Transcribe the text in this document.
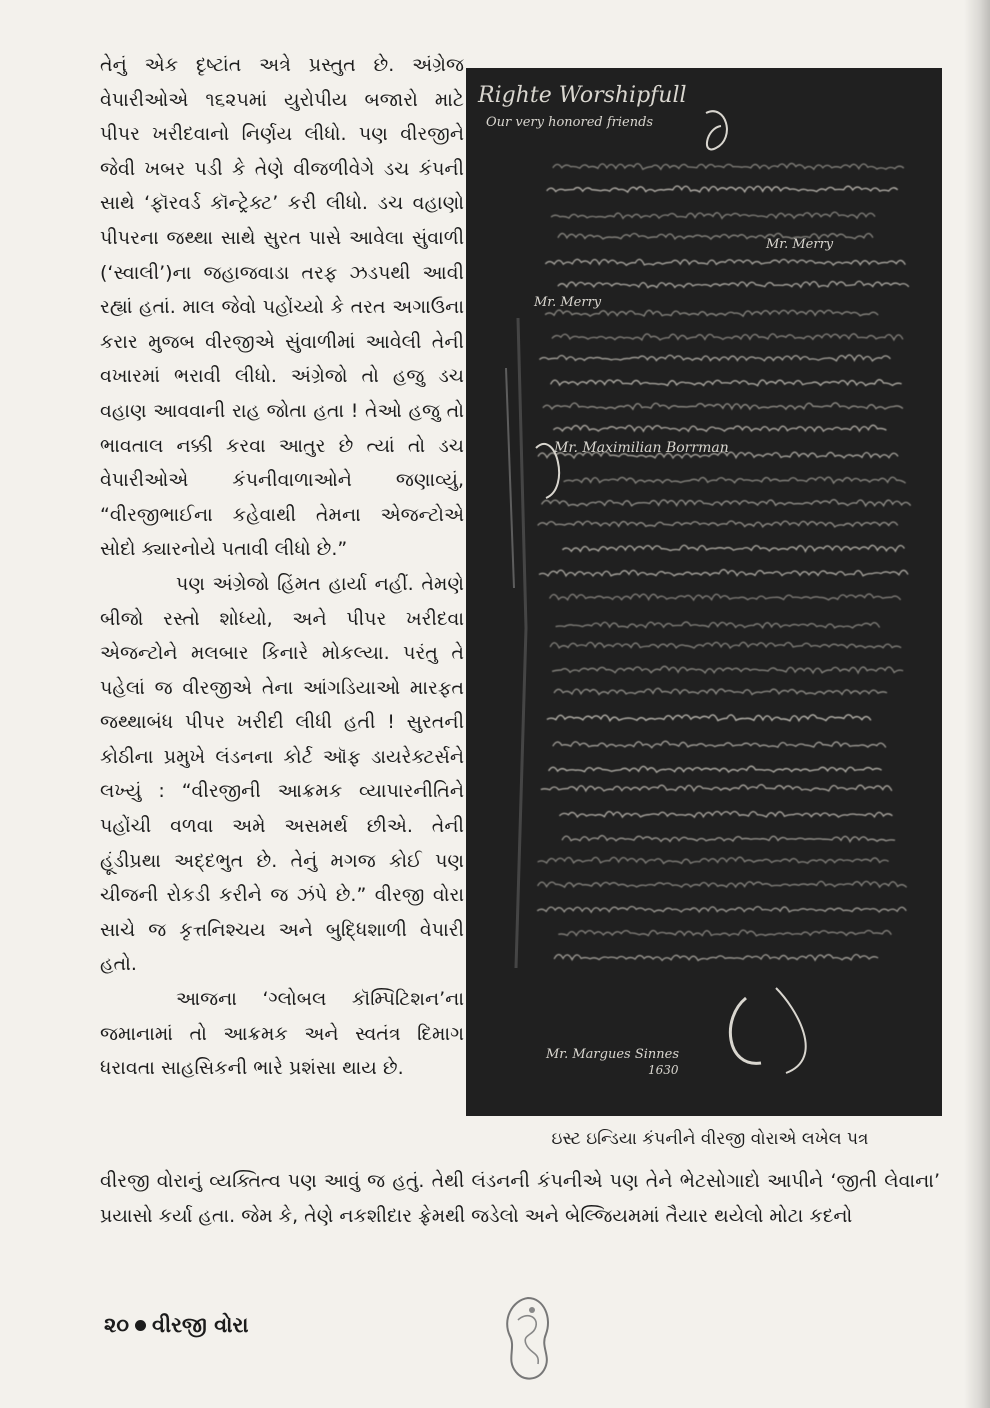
તેનું એક દૃષ્ટાંત અત્રે પ્રસ્તુત છે. અંગ્રેજ વેપારીઓએ ૧૬૨૫માં યુરોપીય બજારો માટે પીપર ખરીદવાનો નિર્ણય લીધો. પણ વીરજીને જેવી ખબર પડી કે તેણે વીજળીવેગે ડચ કંપની સાથે ‘ફૉરવર્ડ કૉન્ટ્રેક્ટ’ કરી લીધો. ડચ વહાણો પીપરના જથ્થા સાથે સુરત પાસે આવેલા સુંવાળી (‘સ્વાલી’)ના જહાજવાડા તરફ ઝડપથી આવી રહ્યાં હતાં. માલ જેવો પહોંચ્યો કે તરત અગાઉના કરાર મુજબ વીરજીએ સુંવાળીમાં આવેલી તેની વખારમાં ભરાવી લીધો. અંગ્રેજો તો હજુ ડચ વહાણ આવવાની રાહ જોતા હતા ! તેઓ હજુ તો ભાવતાલ નક્કી કરવા આતુર છે ત્યાં તો ડચ વેપારીઓએ કંપનીવાળાઓને જણાવ્યું, “વીરજીભાઈના કહેવાથી તેમના એજન્ટોએ સોદો ક્યારનોયે પતાવી લીધો છે.”

પણ અંગ્રેજો હિંમત હાર્યા નહીં. તેમણે બીજો રસ્તો શોધ્યો, અને પીપર ખરીદવા એજન્ટોને મલબાર કિનારે મોકલ્યા. પરંતુ તે પહેલાં જ વીરજીએ તેના આંગડિયાઓ મારફત જથ્થાબંધ પીપર ખરીદી લીધી હતી ! સુરતની કોઠીના પ્રમુખે લંડનના કોર્ટ ઑફ ડાયરેક્ટર્સને લખ્યું : “વીરજીની આક્રમક વ્યાપારનીતિને પહોંચી વળવા અમે અસમર્થ છીએ. તેની હૂંડીપ્રથા અદ્દભુત છે. તેનું મગજ કોઈ પણ ચીજની રોકડી કરીને જ ઝંપે છે.” વીરજી વોરા સાચે જ કૃત્તનિશ્ચય અને બુદ્ધિશાળી વેપારી હતો.

આજના ‘ગ્લોબલ કૉમ્પિટિશન’ના જમાનામાં તો આક્રમક અને સ્વતંત્ર દિમાગ ધરાવતા સાહસિકની ભારે પ્રશંસા થાય છે.

Righte Worshipfull
Our very honored friends
Mr. Merry
Mr. Merry
Mr. Maximilian Borrman
Mr. Margues Sinnes
1630
ઇસ્ટ ઇન્ડિયા કંપનીને વીરજી વોરાએ લખેલ પત્ર

વીરજી વોરાનું વ્યક્તિત્વ પણ આવું જ હતું. તેથી લંડનની કંપનીએ પણ તેને ભેટસોગાદો આપીને ‘જીતી લેવાના’ પ્રયાસો કર્યા હતા. જેમ કે, તેણે નકશીદાર ફ્રેમથી જડેલો અને બેલ્જિયમમાં તૈયાર થયેલો મોટા કદનો

૨૦ વીરજી વોરા
